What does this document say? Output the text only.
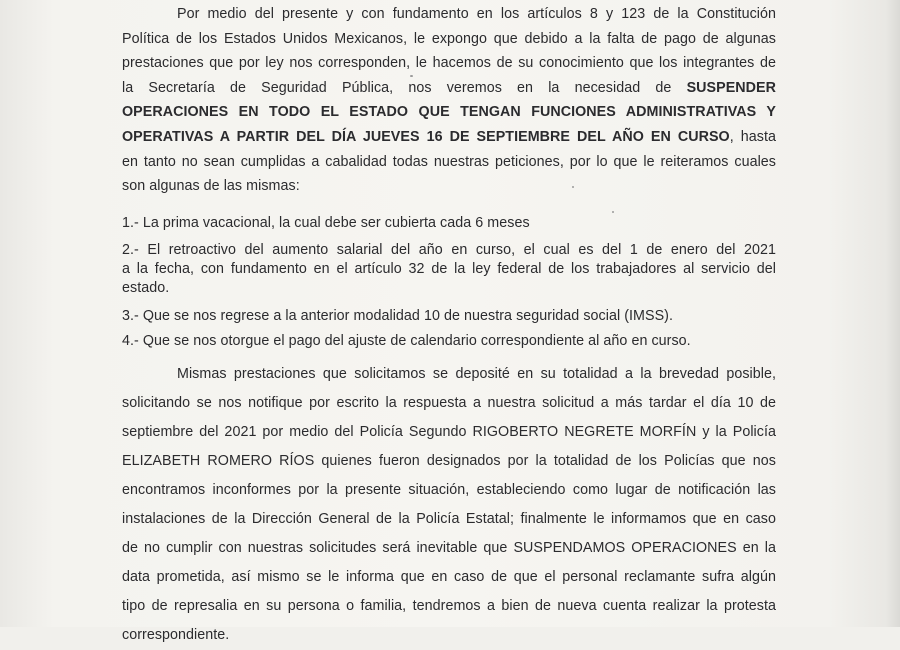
Por medio del presente y con fundamento en los artículos 8 y 123 de la Constitución
Política de los Estados Unidos Mexicanos, le expongo que debido a la falta de pago de algunas
prestaciones que por ley nos corresponden, le hacemos de su conocimiento que los integrantes de
la Secretaría de Seguridad Pública, nos veremos en la necesidad de SUSPENDER
OPERACIONES EN TODO EL ESTADO QUE TENGAN FUNCIONES ADMINISTRATIVAS Y
OPERATIVAS A PARTIR DEL DÍA JUEVES 16 DE SEPTIEMBRE DEL AÑO EN CURSO, hasta
en tanto no sean cumplidas a cabalidad todas nuestras peticiones, por lo que le reiteramos cuales
son algunas de las mismas:
1.- La prima vacacional, la cual debe ser cubierta cada 6 meses
2.- El retroactivo del aumento salarial del año en curso, el cual es del 1 de enero del 2021
a la fecha, con fundamento en el artículo 32 de la ley federal de los trabajadores al servicio del
estado.
3.- Que se nos regrese a la anterior modalidad 10 de nuestra seguridad social (IMSS).
4.- Que se nos otorgue el pago del ajuste de calendario correspondiente al año en curso.
Mismas prestaciones que solicitamos se deposité en su totalidad a la brevedad posible,
solicitando se nos notifique por escrito la respuesta a nuestra solicitud a más tardar el día 10 de
septiembre del 2021 por medio del Policía Segundo RIGOBERTO NEGRETE MORFÍN y la Policía
ELIZABETH ROMERO RÍOS quienes fueron designados por la totalidad de los Policías que nos
encontramos inconformes por la presente situación, estableciendo como lugar de notificación las
instalaciones de la Dirección General de la Policía Estatal; finalmente le informamos que en caso
de no cumplir con nuestras solicitudes será inevitable que SUSPENDAMOS OPERACIONES en la
data prometida, así mismo se le informa que en caso de que el personal reclamante sufra algún
tipo de represalia en su persona o familia, tendremos a bien de nueva cuenta realizar la protesta
correspondiente.
